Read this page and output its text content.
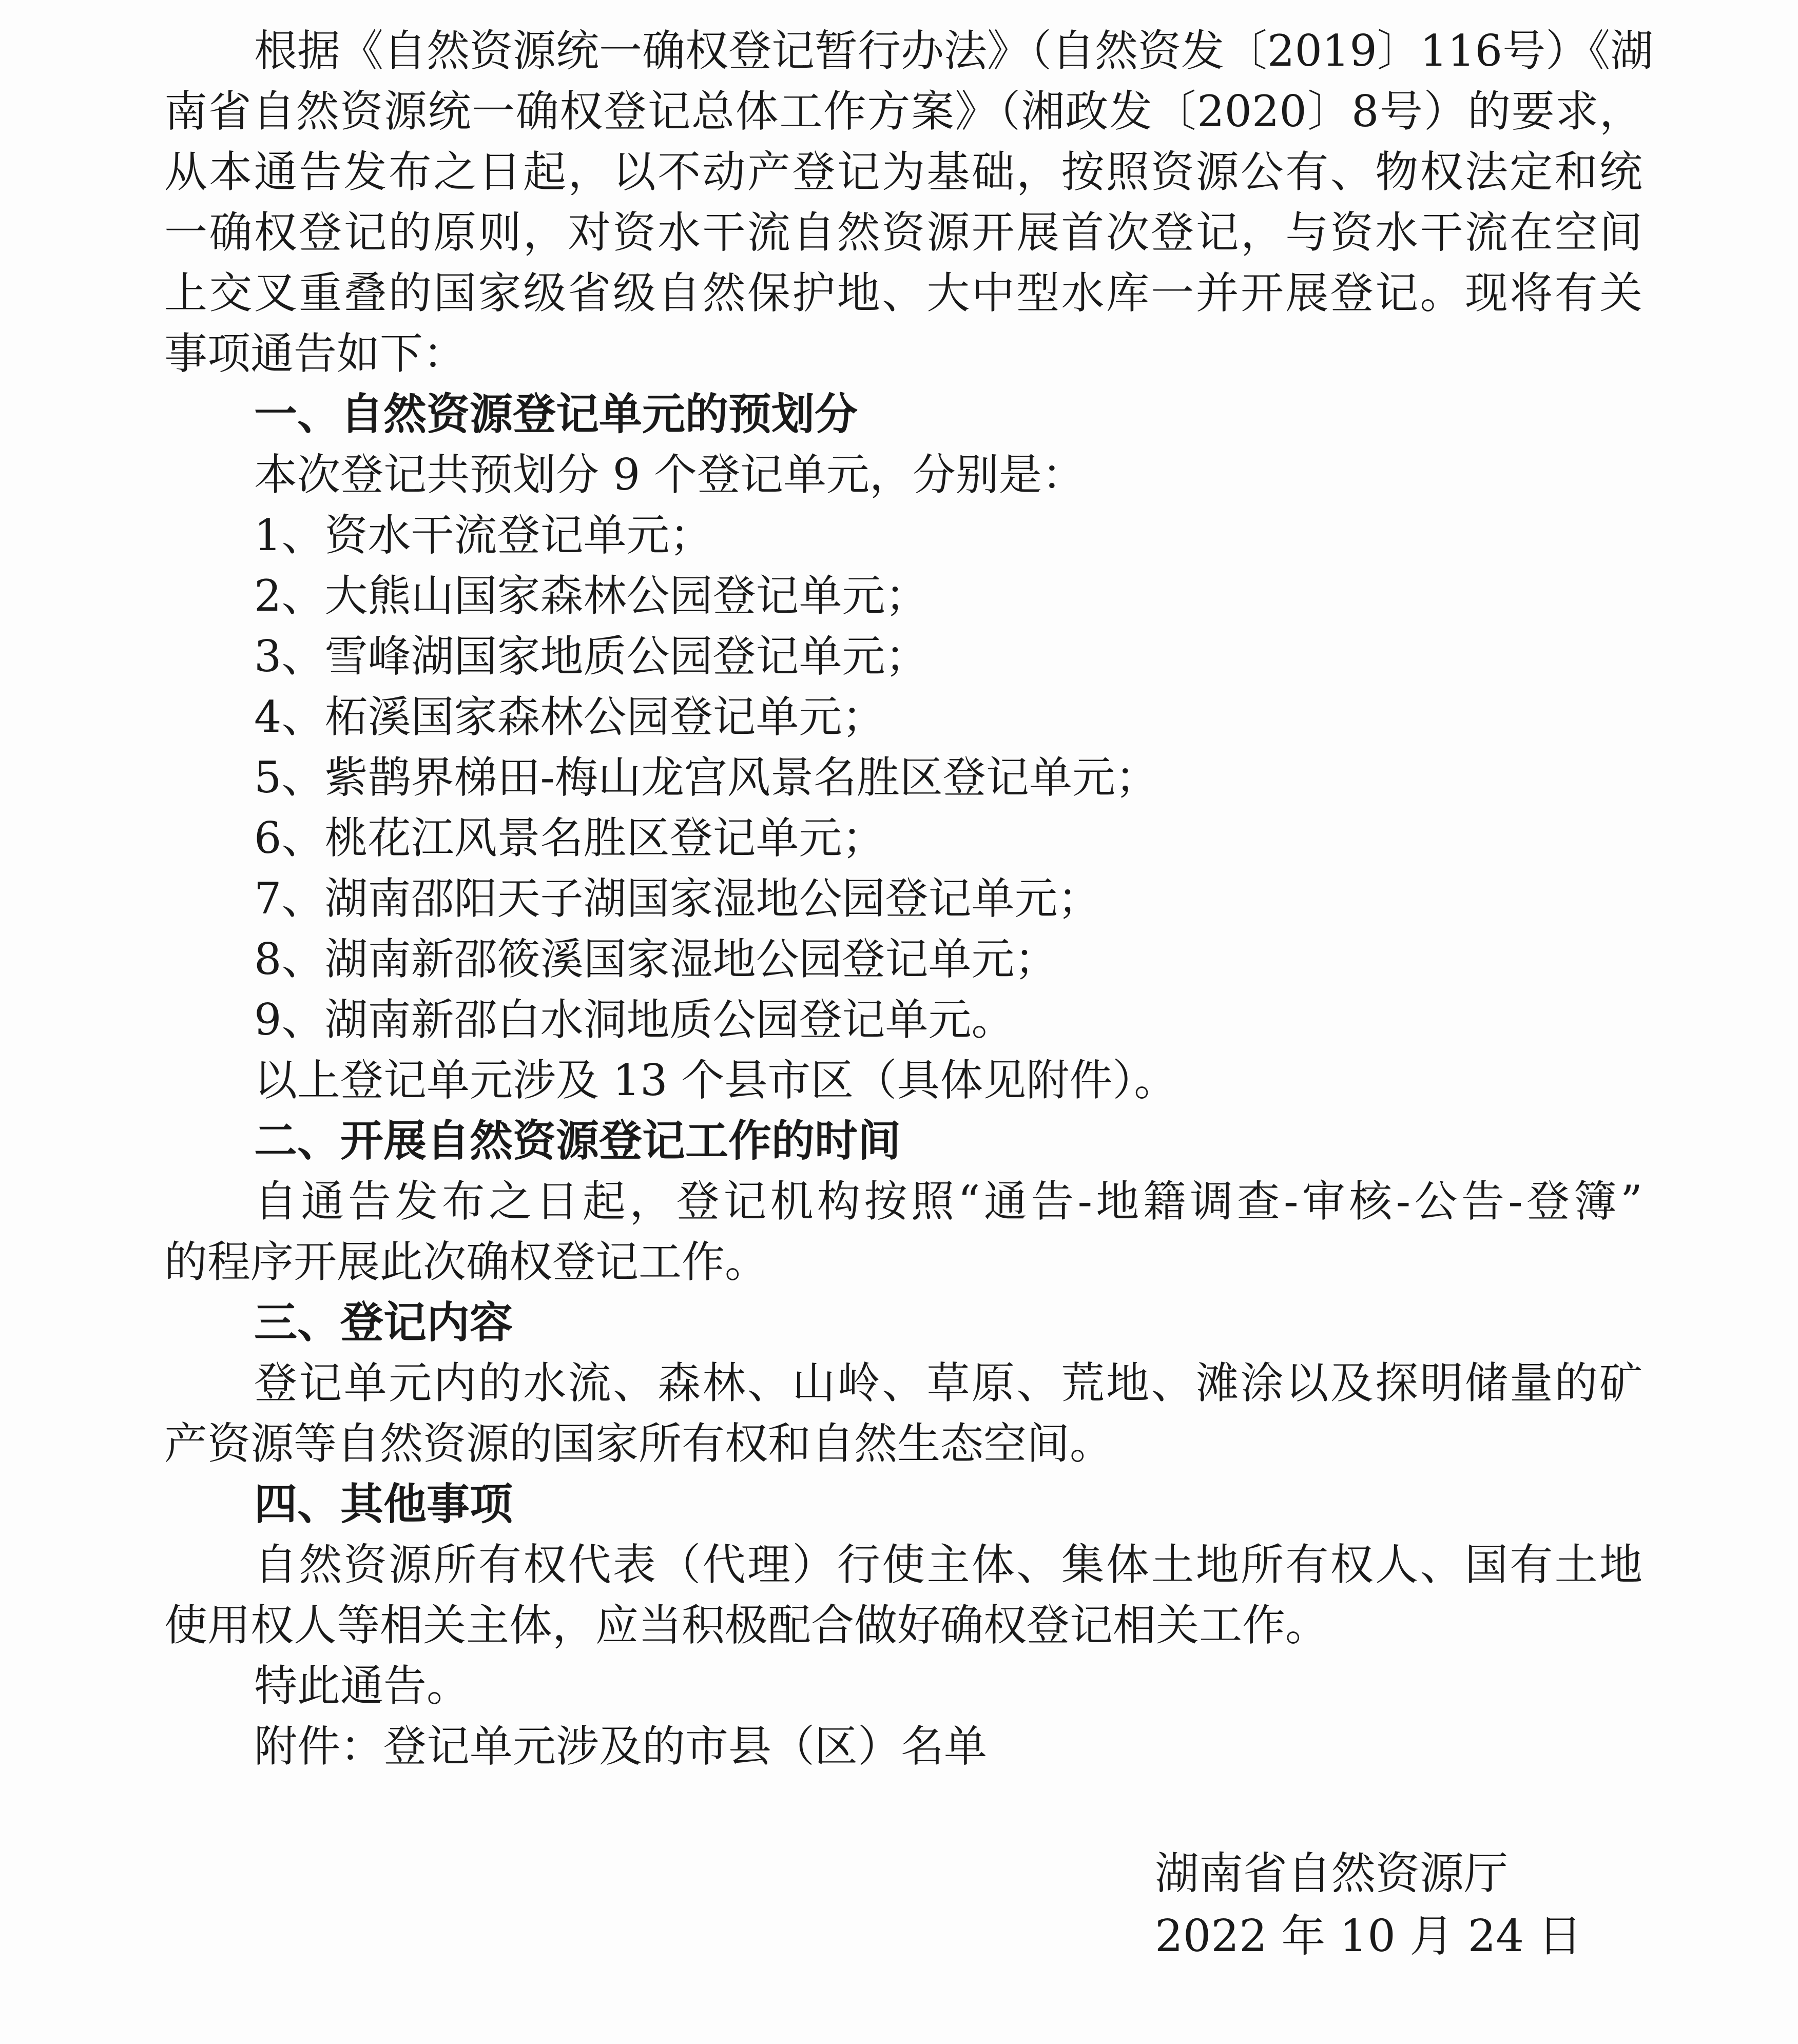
根据《自然资源统一确权登记暂行办法》（自然资发〔2019〕116号）《湖
南省自然资源统一确权登记总体工作方案》（湘政发〔2020〕8号）的要求，
从本通告发布之日起，以不动产登记为基础，按照资源公有、物权法定和统
一确权登记的原则，对资水干流自然资源开展首次登记，与资水干流在空间
上交叉重叠的国家级省级自然保护地、大中型水库一并开展登记。现将有关
事项通告如下：
一、自然资源登记单元的预划分
本次登记共预划分 9 个登记单元，分别是：
1、资水干流登记单元；
2、大熊山国家森林公园登记单元；
3、雪峰湖国家地质公园登记单元；
4、柘溪国家森林公园登记单元；
5、紫鹊界梯田-梅山龙宫风景名胜区登记单元；
6、桃花江风景名胜区登记单元；
7、湖南邵阳天子湖国家湿地公园登记单元；
8、湖南新邵筱溪国家湿地公园登记单元；
9、湖南新邵白水洞地质公园登记单元。
以上登记单元涉及 13 个县市区（具体见附件）。
二、开展自然资源登记工作的时间
自通告发布之日起，登记机构按照“通告-地籍调查-审核-公告-登簿”
的程序开展此次确权登记工作。
三、登记内容
登记单元内的水流、森林、山岭、草原、荒地、滩涂以及探明储量的矿
产资源等自然资源的国家所有权和自然生态空间。
四、其他事项
自然资源所有权代表（代理）行使主体、集体土地所有权人、国有土地
使用权人等相关主体，应当积极配合做好确权登记相关工作。
特此通告。
附件：登记单元涉及的市县（区）名单
湖南省自然资源厅
2022 年 10 月 24 日
